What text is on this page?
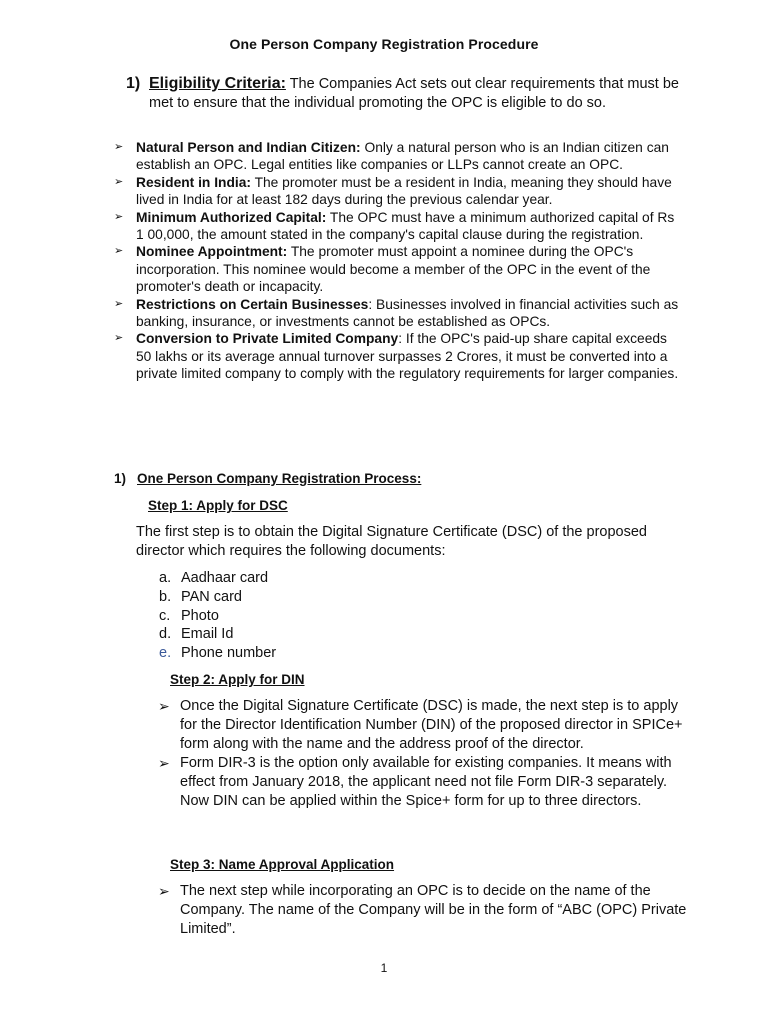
One Person Company Registration Procedure
1) Eligibility Criteria: The Companies Act sets out clear requirements that must be met to ensure that the individual promoting the OPC is eligible to do so.
➢ Natural Person and Indian Citizen: Only a natural person who is an Indian citizen can establish an OPC. Legal entities like companies or LLPs cannot create an OPC.
➢ Resident in India: The promoter must be a resident in India, meaning they should have lived in India for at least 182 days during the previous calendar year.
➢ Minimum Authorized Capital: The OPC must have a minimum authorized capital of Rs 1 00,000, the amount stated in the company's capital clause during the registration.
➢ Nominee Appointment: The promoter must appoint a nominee during the OPC's incorporation. This nominee would become a member of the OPC in the event of the promoter's death or incapacity.
➢ Restrictions on Certain Businesses: Businesses involved in financial activities such as banking, insurance, or investments cannot be established as OPCs.
➢ Conversion to Private Limited Company: If the OPC's paid-up share capital exceeds 50 lakhs or its average annual turnover surpasses 2 Crores, it must be converted into a private limited company to comply with the regulatory requirements for larger companies.
1) One Person Company Registration Process:
Step 1: Apply for DSC
The first step is to obtain the Digital Signature Certificate (DSC) of the proposed director which requires the following documents:
a. Aadhaar card
b. PAN card
c. Photo
d. Email Id
e. Phone number
Step 2: Apply for DIN
➢ Once the Digital Signature Certificate (DSC) is made, the next step is to apply for the Director Identification Number (DIN) of the proposed director in SPICe+ form along with the name and the address proof of the director.
➢ Form DIR-3 is the option only available for existing companies. It means with effect from January 2018, the applicant need not file Form DIR-3 separately. Now DIN can be applied within the Spice+ form for up to three directors.
Step 3: Name Approval Application
➢ The next step while incorporating an OPC is to decide on the name of the Company. The name of the Company will be in the form of “ABC (OPC) Private Limited”.
1
